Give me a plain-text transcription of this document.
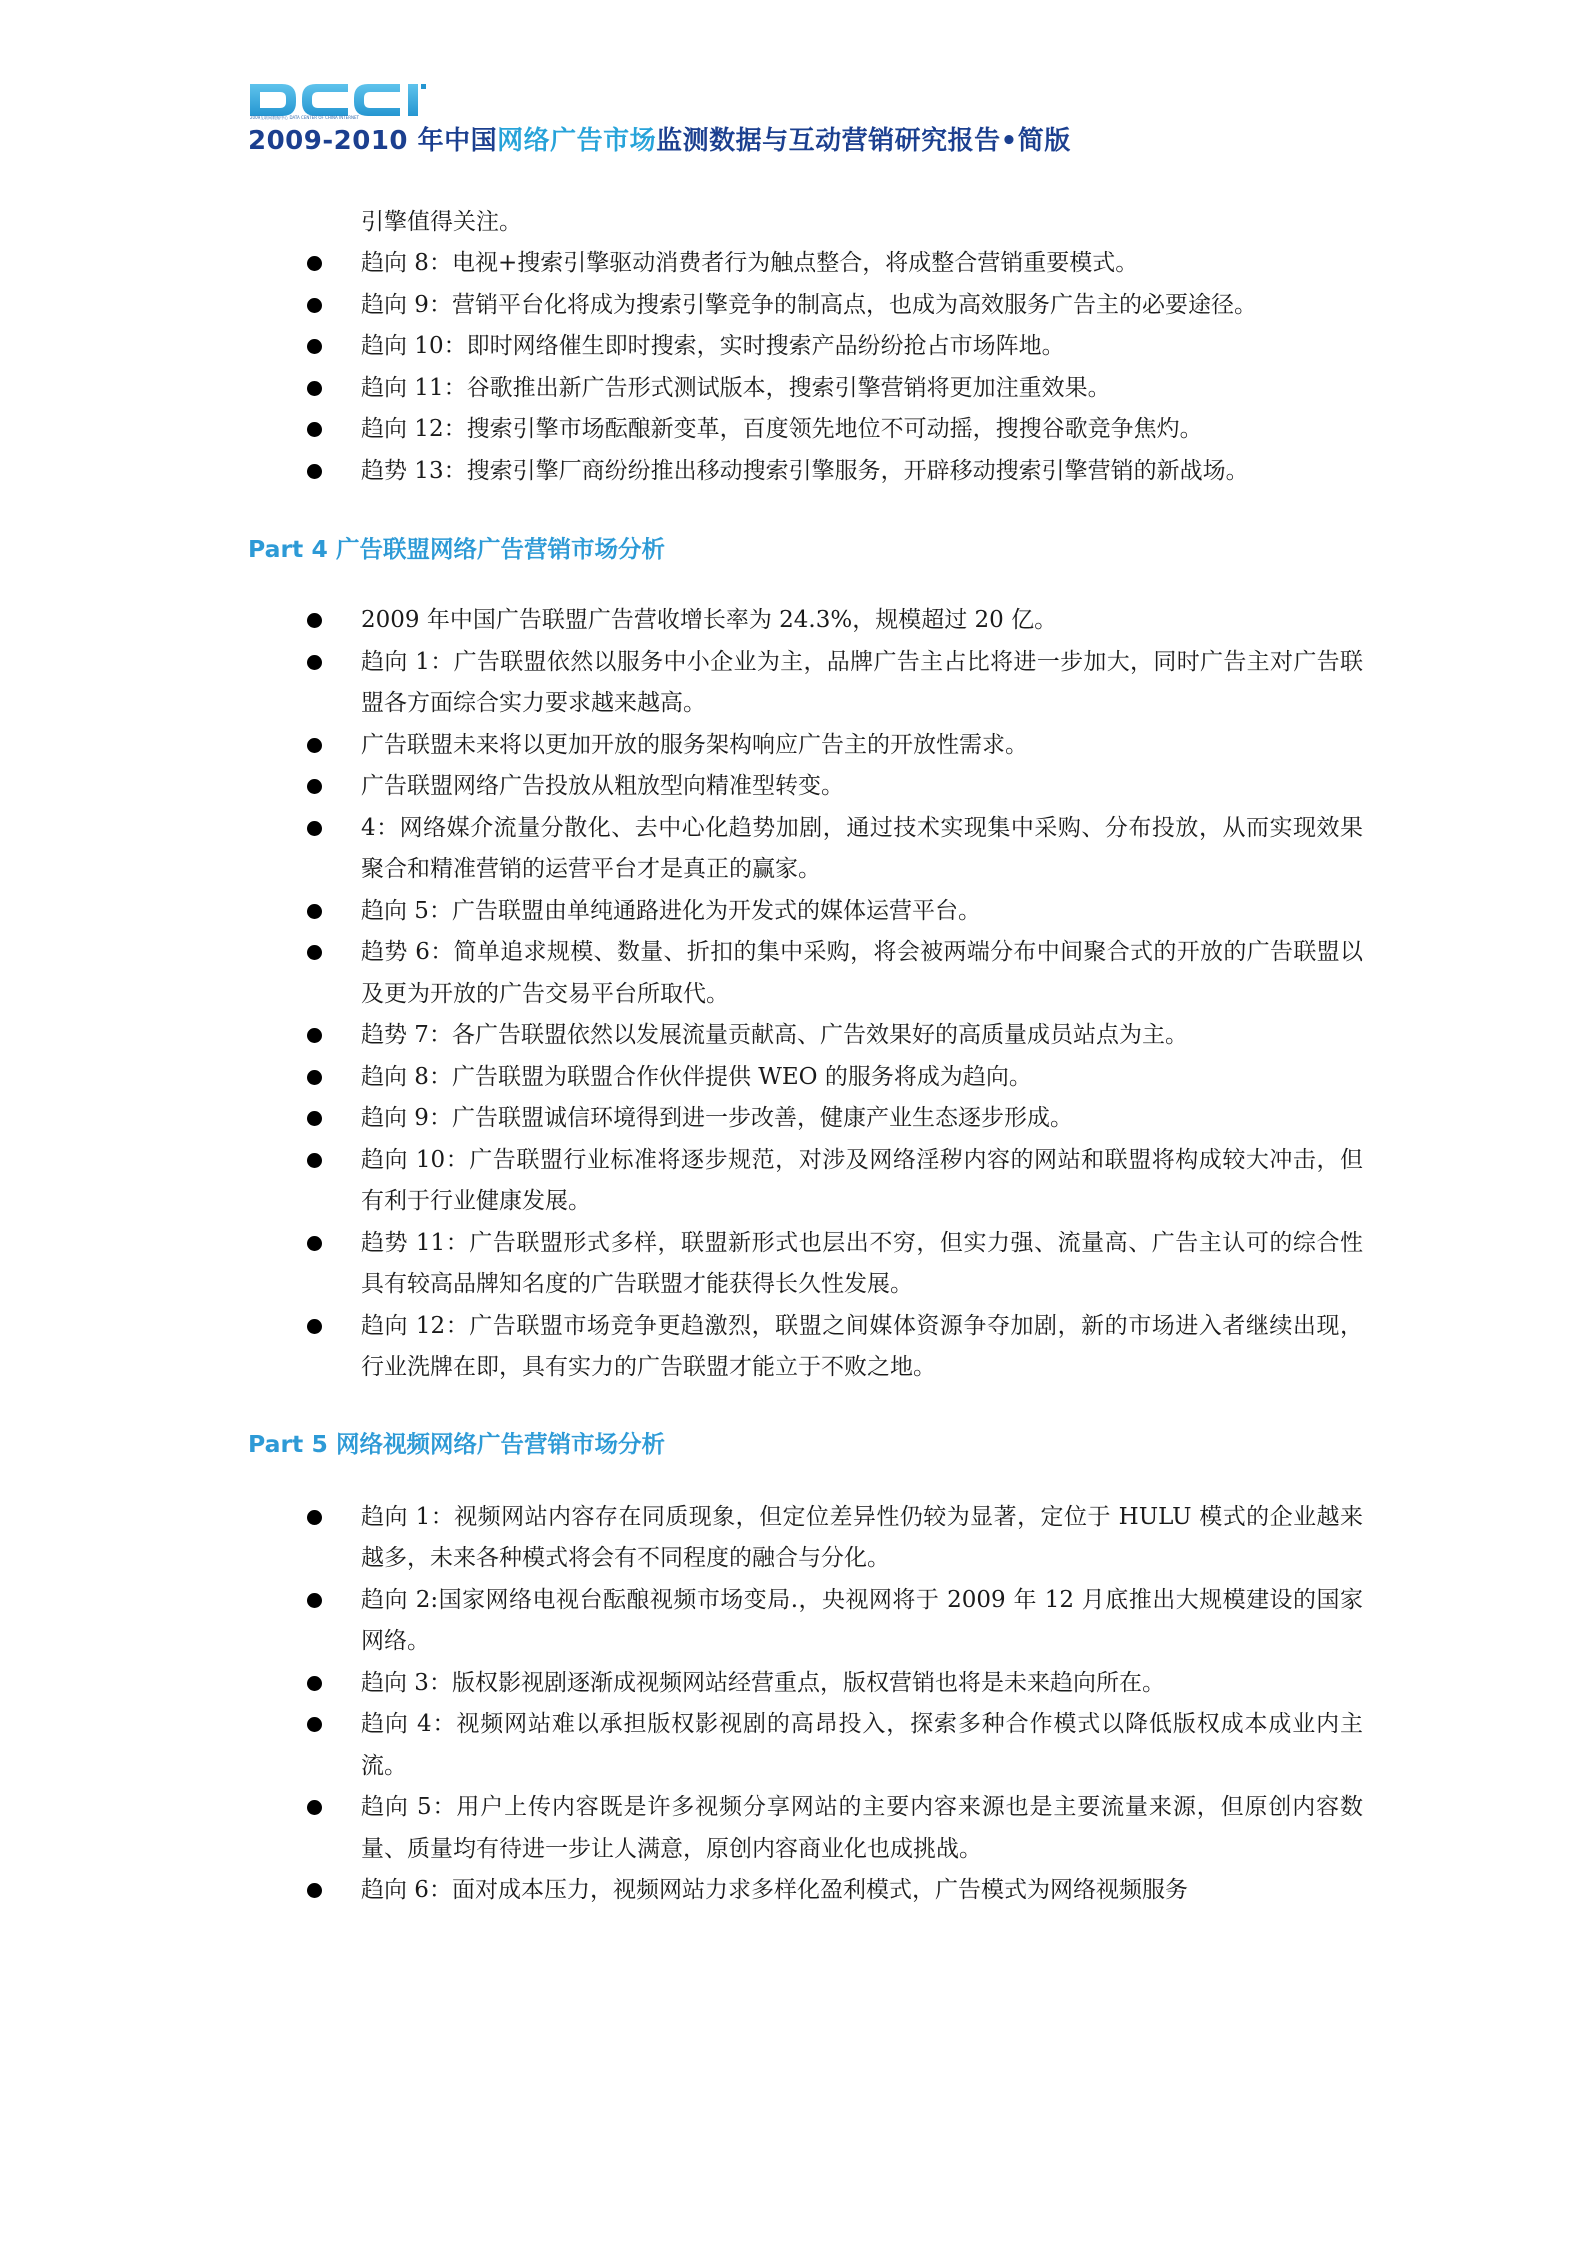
2009互联网数据中心 DATA CENTER OF CHINA INTERNET
2009-2010 年中国网络广告市场监测数据与互动营销研究报告•简版
引擎值得关注。
趋向 8：电视+搜索引擎驱动消费者行为触点整合，将成整合营销重要模式。
趋向 9：营销平台化将成为搜索引擎竞争的制高点，也成为高效服务广告主的必要途径。
趋向 10：即时网络催生即时搜索，实时搜索产品纷纷抢占市场阵地。
趋向 11：谷歌推出新广告形式测试版本，搜索引擎营销将更加注重效果。
趋向 12：搜索引擎市场酝酿新变革，百度领先地位不可动摇，搜搜谷歌竞争焦灼。
趋势 13：搜索引擎厂商纷纷推出移动搜索引擎服务，开辟移动搜索引擎营销的新战场。
Part 4 广告联盟网络广告营销市场分析
2009 年中国广告联盟广告营收增长率为 24.3%，规模超过 20 亿。
趋向 1：广告联盟依然以服务中小企业为主，品牌广告主占比将进一步加大，同时广告主对广告联盟各方面综合实力要求越来越高。
广告联盟未来将以更加开放的服务架构响应广告主的开放性需求。
广告联盟网络广告投放从粗放型向精准型转变。
4：网络媒介流量分散化、去中心化趋势加剧，通过技术实现集中采购、分布投放，从而实现效果聚合和精准营销的运营平台才是真正的赢家。
趋向 5：广告联盟由单纯通路进化为开发式的媒体运营平台。
趋势 6：简单追求规模、数量、折扣的集中采购，将会被两端分布中间聚合式的开放的广告联盟以及更为开放的广告交易平台所取代。
趋势 7：各广告联盟依然以发展流量贡献高、广告效果好的高质量成员站点为主。
趋向 8：广告联盟为联盟合作伙伴提供 WEO 的服务将成为趋向。
趋向 9：广告联盟诚信环境得到进一步改善，健康产业生态逐步形成。
趋向 10：广告联盟行业标准将逐步规范，对涉及网络淫秽内容的网站和联盟将构成较大冲击，但有利于行业健康发展。
趋势 11：广告联盟形式多样，联盟新形式也层出不穷，但实力强、流量高、广告主认可的综合性具有较高品牌知名度的广告联盟才能获得长久性发展。
趋向 12：广告联盟市场竞争更趋激烈，联盟之间媒体资源争夺加剧，新的市场进入者继续出现，行业洗牌在即，具有实力的广告联盟才能立于不败之地。
Part 5 网络视频网络广告营销市场分析
趋向 1：视频网站内容存在同质现象，但定位差异性仍较为显著，定位于 HULU 模式的企业越来越多，未来各种模式将会有不同程度的融合与分化。
趋向 2:国家网络电视台酝酿视频市场变局.，央视网将于 2009 年 12 月底推出大规模建设的国家网络。
趋向 3：版权影视剧逐渐成视频网站经营重点，版权营销也将是未来趋向所在。
趋向 4：视频网站难以承担版权影视剧的高昂投入，探索多种合作模式以降低版权成本成业内主流。
趋向 5：用户上传内容既是许多视频分享网站的主要内容来源也是主要流量来源，但原创内容数量、质量均有待进一步让人满意，原创内容商业化也成挑战。
趋向 6：面对成本压力，视频网站力求多样化盈利模式，广告模式为网络视频服务
